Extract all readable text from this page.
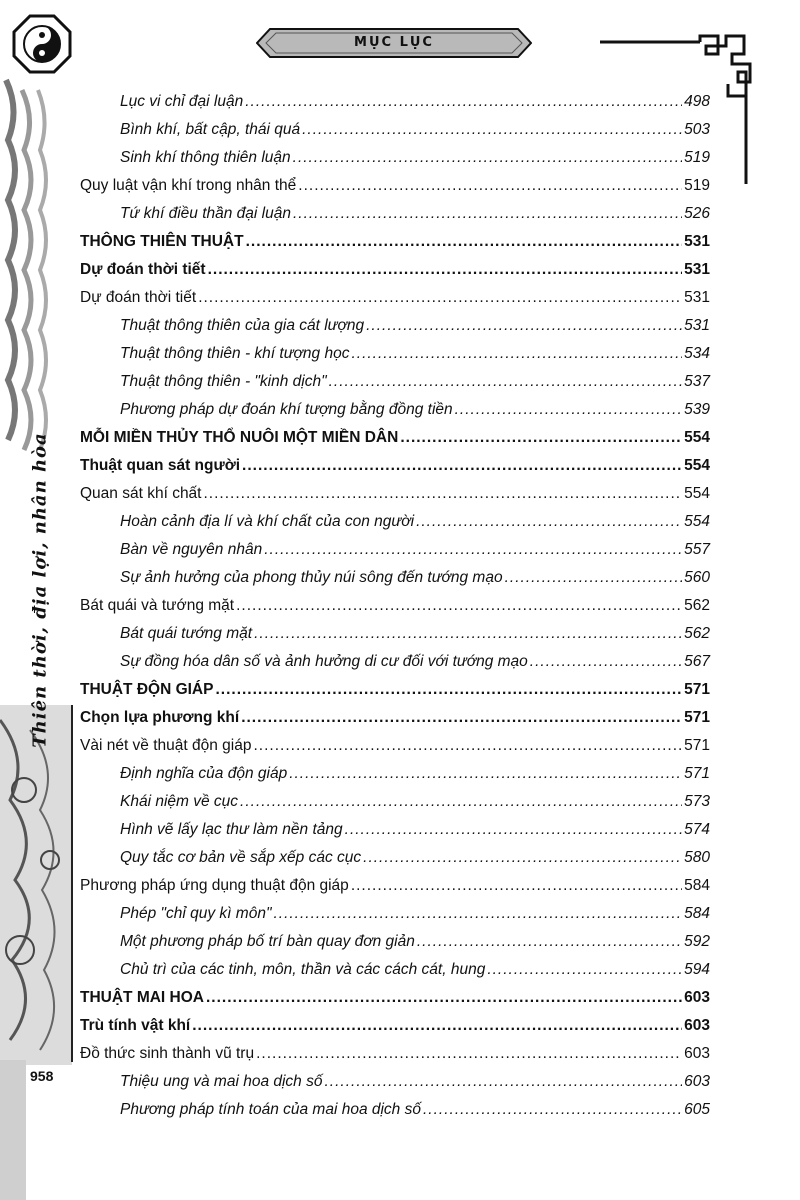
MỤC LỤC
Thiên thời, địa lợi, nhân hòa
958
Lục vi chỉ đại luận .....	498
Bình khí, bất cập, thái quá .....	503
Sinh khí thông thiên luận .....	519
Quy luật vận khí trong nhân thể .....	519
Tứ khí điều thần đại luận .....	526
THÔNG THIÊN THUẬT .....	531
Dự đoán thời tiết .....	531
Dự đoán thời tiết .....	531
Thuật thông thiên của gia cát lượng .....	531
Thuật thông thiên - khí tượng học .....	534
Thuật thông thiên - "kinh dịch" .....	537
Phương pháp dự đoán khí tượng bằng đồng tiền .....	539
MỖI MIỀN THỦY THỔ NUÔI MỘT MIỀN DÂN .....	554
Thuật quan sát người .....	554
Quan sát khí chất .....	554
Hoàn cảnh địa lí và khí chất của con người .....	554
Bàn về nguyên nhân .....	557
Sự ảnh hưởng của phong thủy núi sông đến tướng mạo .....	560
Bát quái và tướng mặt .....	562
Bát quái tướng mặt .....	562
Sự đồng hóa dân số và ảnh hưởng di cư đối với tướng mạo .....	567
THUẬT ĐỘN GIÁP .....	571
Chọn lựa phương khí .....	571
Vài nét về thuật độn giáp .....	571
Định nghĩa của độn giáp .....	571
Khái niệm về cục .....	573
Hình vẽ lấy lạc thư làm nền tảng .....	574
Quy tắc cơ bản về sắp xếp các cục .....	580
Phương pháp ứng dụng thuật độn giáp .....	584
Phép "chỉ quy kì môn" .....	584
Một phương pháp bố trí bàn quay đơn giản .....	592
Chủ trì của các tinh, môn, thần và các cách cát, hung .....	594
THUẬT MAI HOA .....	603
Trù tính vật khí .....	603
Đồ thức sinh thành vũ trụ .....	603
Thiệu ung và mai hoa dịch số .....	603
Phương pháp tính toán của mai hoa dịch số .....	605
